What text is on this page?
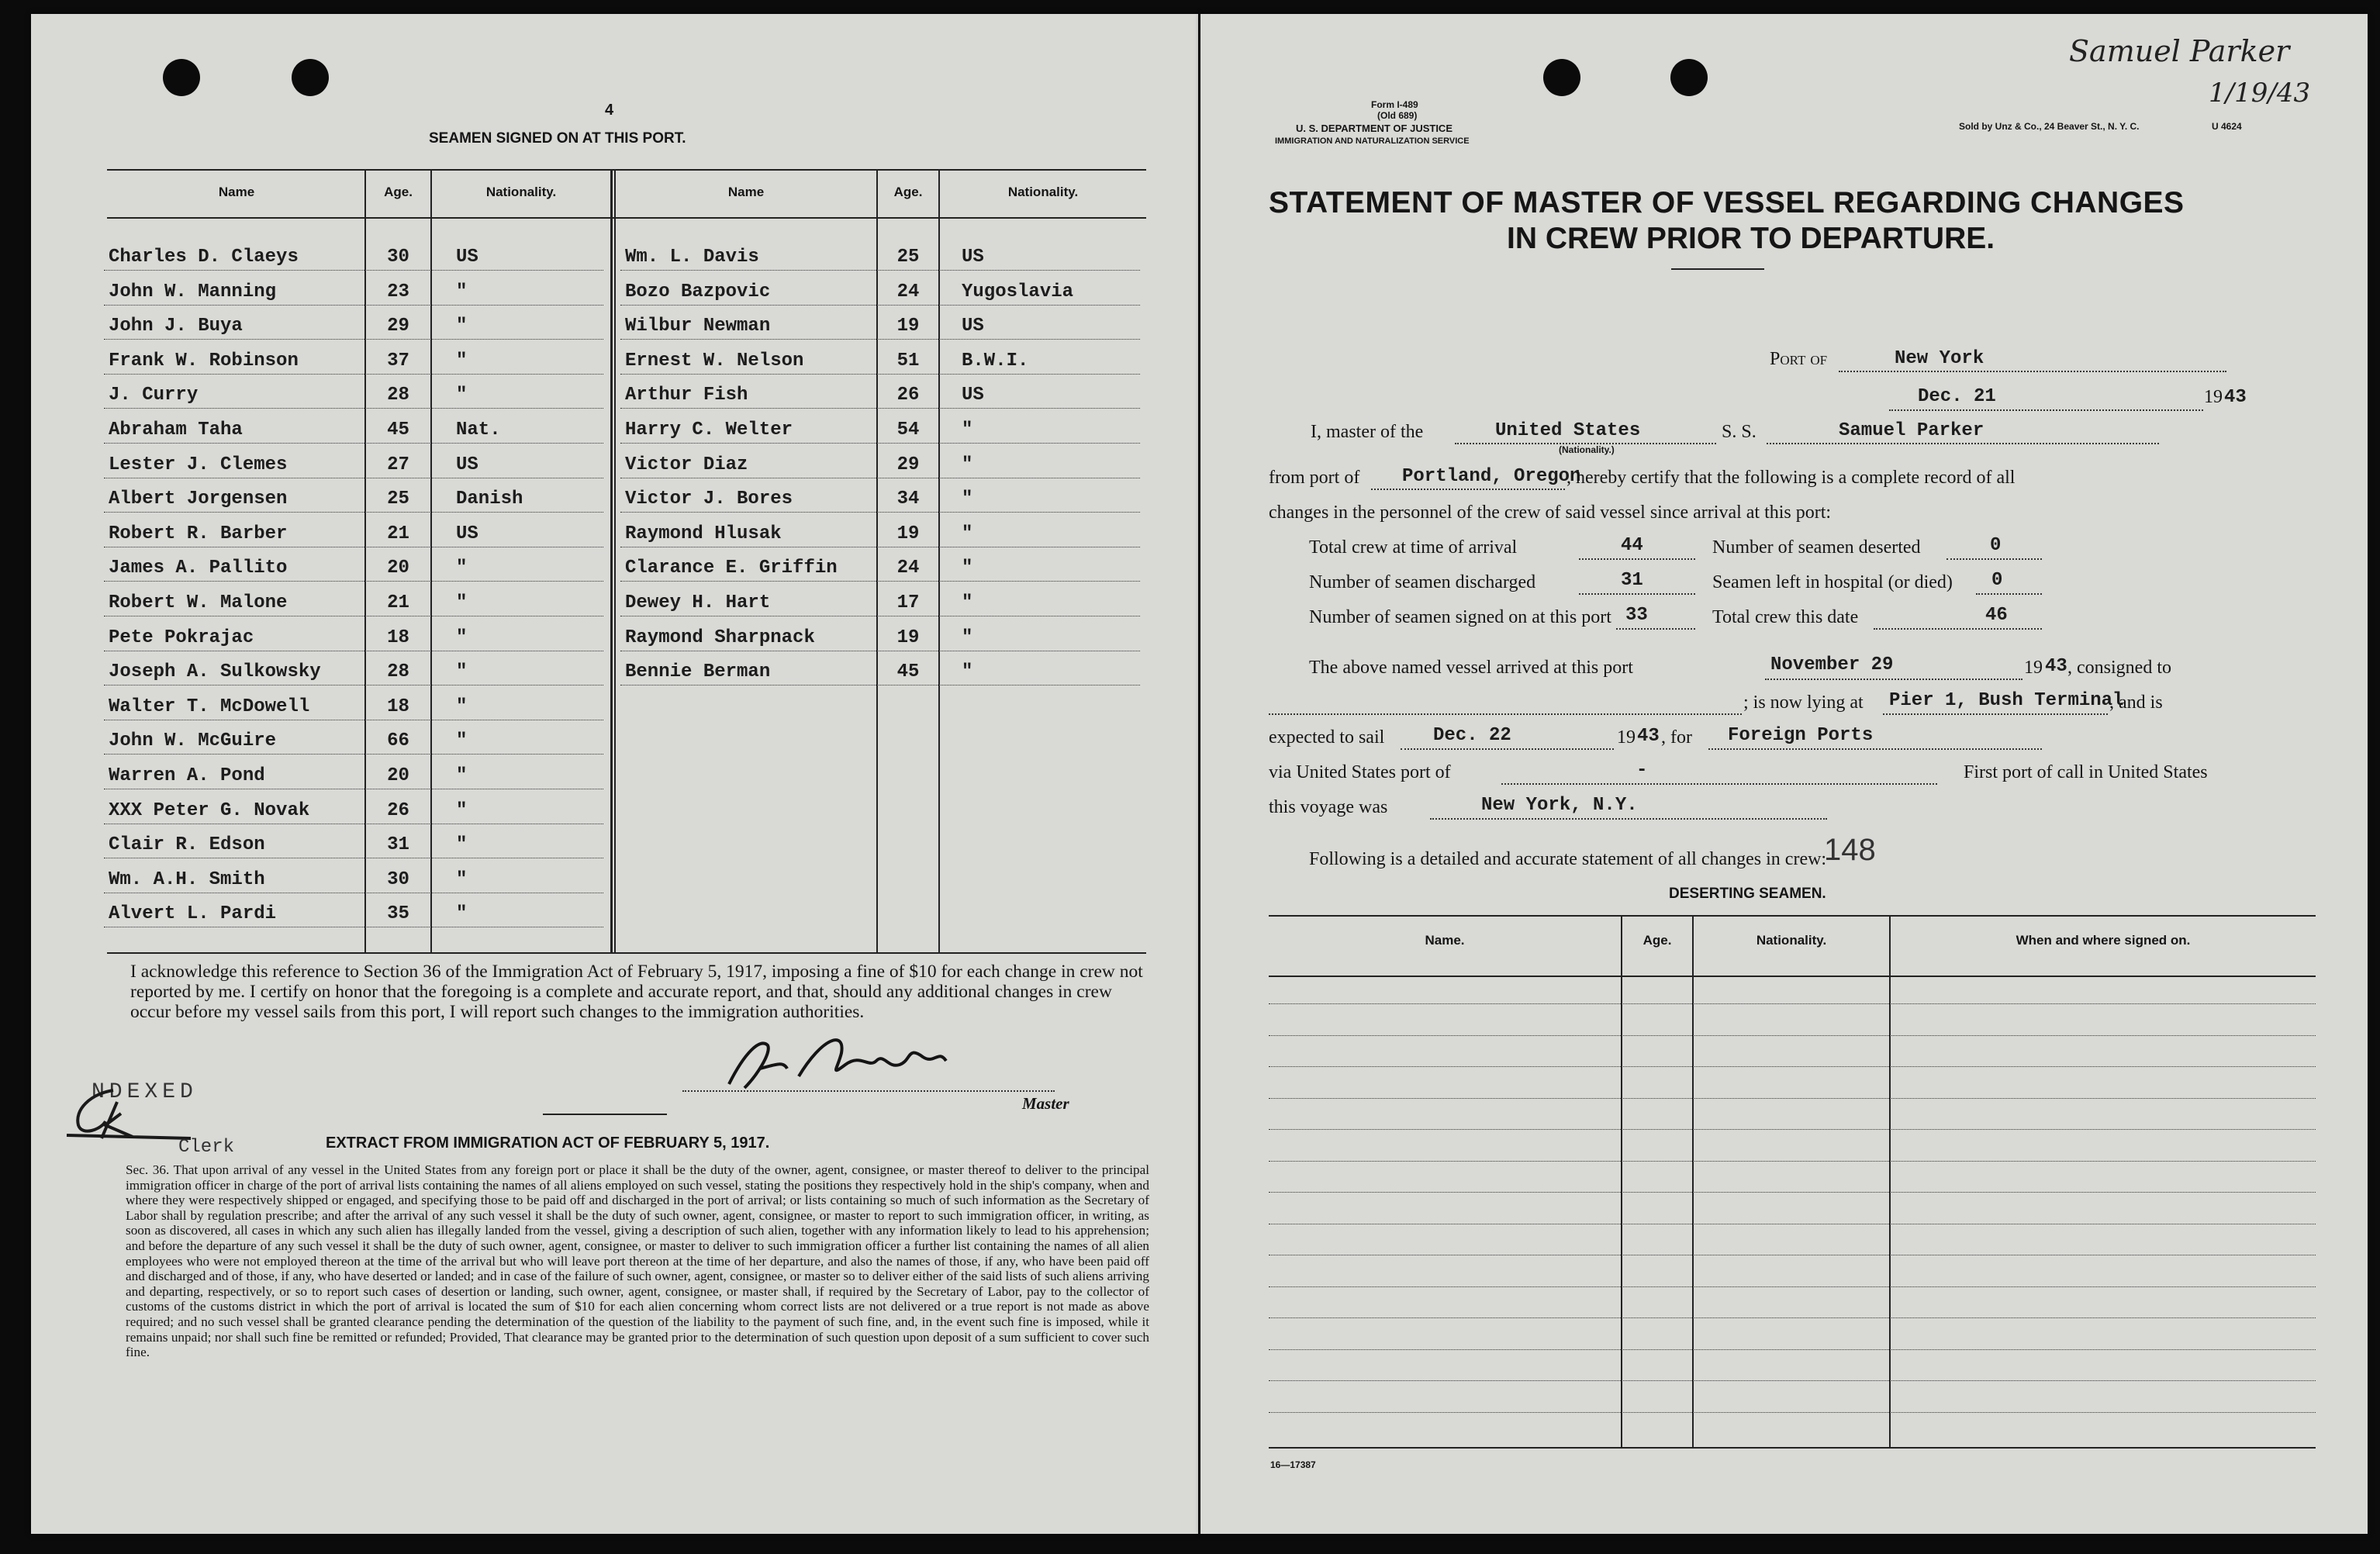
4
SEAMEN SIGNED ON AT THIS PORT.
Name	Age.	Nationality.	Name	Age.	Nationality.
Charles D. Claeys	30	US
John W. Manning	23	"
John J. Buya	29	"
Frank W. Robinson	37	"
J. Curry	28	"
Abraham Taha	45	Nat.
Lester J. Clemes	27	US
Albert Jorgensen	25	Danish
Robert R. Barber	21	US
James A. Pallito	20	"
Robert W. Malone	21	"
Pete Pokrajac	18	"
Joseph A. Sulkowsky	28	"
Walter T. McDowell	18	"
John W. McGuire	66	"
Warren A. Pond	20	"
XXX Peter G. Novak	26	"
Clair R. Edson	31	"
Wm. A.H. Smith	30	"
Alvert L. Pardi	35	"
Wm. L. Davis	25	US
Bozo Bazpovic	24	Yugoslavia
Wilbur Newman	19	US
Ernest W. Nelson	51	B.W.I.
Arthur Fish	26	US
Harry C. Welter	54	"
Victor Diaz	29	"
Victor J. Bores	34	"
Raymond Hlusak	19	"
Clarance E. Griffin	24	"
Dewey H. Hart	17	"
Raymond Sharpnack	19	"
Bennie Berman	45	"
I acknowledge this reference to Section 36 of the Immigration Act of February 5, 1917, imposing a fine of $10 for each change in crew not reported by me. I certify on honor that the foregoing is a complete and accurate report, and that, should any additional changes in crew occur before my vessel sails from this port, I will report such changes to the immigration authorities.
Master
NDEXED
Clerk	EXTRACT FROM IMMIGRATION ACT OF FEBRUARY 5, 1917.
Sec. 36. That upon arrival of any vessel in the United States from any foreign port or place it shall be the duty of the owner, agent, consignee, or master thereof to deliver to the principal immigration officer in charge of the port of arrival lists containing the names of all aliens employed on such vessel, stating the positions they respectively hold in the ship's company, when and where they were respectively shipped or engaged, and specifying those to be paid off and discharged in the port of arrival; or lists containing so much of such information as the Secretary of Labor shall by regulation prescribe; and after the arrival of any such vessel it shall be the duty of such owner, agent, consignee, or master to report to such immigration officer, in writing, as soon as discovered, all cases in which any such alien has illegally landed from the vessel, giving a description of such alien, together with any information likely to lead to his apprehension; and before the departure of any such vessel it shall be the duty of such owner, agent, consignee, or master to deliver to such immigration officer a further list containing the names of all alien employees who were not employed thereon at the time of the arrival but who will leave port thereon at the time of her departure, and also the names of those, if any, who have been paid off and discharged and of those, if any, who have deserted or landed; and in case of the failure of such owner, agent, consignee, or master so to deliver either of the said lists of such aliens arriving and departing, respectively, or so to report such cases of desertion or landing, such owner, agent, consignee, or master shall, if required by the Secretary of Labor, pay to the collector of customs of the customs district in which the port of arrival is located the sum of $10 for each alien concerning whom correct lists are not delivered or a true report is not made as above required; and no such vessel shall be granted clearance pending the determination of the question of the liability to the payment of such fine, and, in the event such fine is imposed, while it remains unpaid; nor shall such fine be remitted or refunded; Provided, That clearance may be granted prior to the determination of such question upon deposit of a sum sufficient to cover such fine.
Samuel Parker
1/19/43
Form I-489
(Old 689)
U. S. DEPARTMENT OF JUSTICE
IMMIGRATION AND NATURALIZATION SERVICE
Sold by Unz & Co., 24 Beaver St., N. Y. C.	U 4624
STATEMENT OF MASTER OF VESSEL REGARDING CHANGES
IN CREW PRIOR TO DEPARTURE.
Port of	New York
Dec. 21	19 43
I, master of the	United States
(Nationality.)
S. S.	Samuel Parker
from port of Portland, Oregon
, hereby certify that the following is a complete record of all
changes in the personnel of the crew of said vessel since arrival at this port:
Total crew at time of arrival	44	Number of seamen deserted	0
Number of seamen discharged	31	Seamen left in hospital (or died) 0
Number of seamen signed on at this port 33	Total crew this date	46
The above named vessel arrived at this port	November 29	19 43 , consigned to
; is now lying at Pier 1, Bush Terminal
, and is
expected to sail	Dec. 22	19 43 , for Foreign Ports
via United States port of	-	First port of call in United States
this voyage was	New York, N.Y.
Following is a detailed and accurate statement of all changes in crew:
148
DESERTING SEAMEN.
Name.	Age.	Nationality.	When and where signed on.
16—17387
